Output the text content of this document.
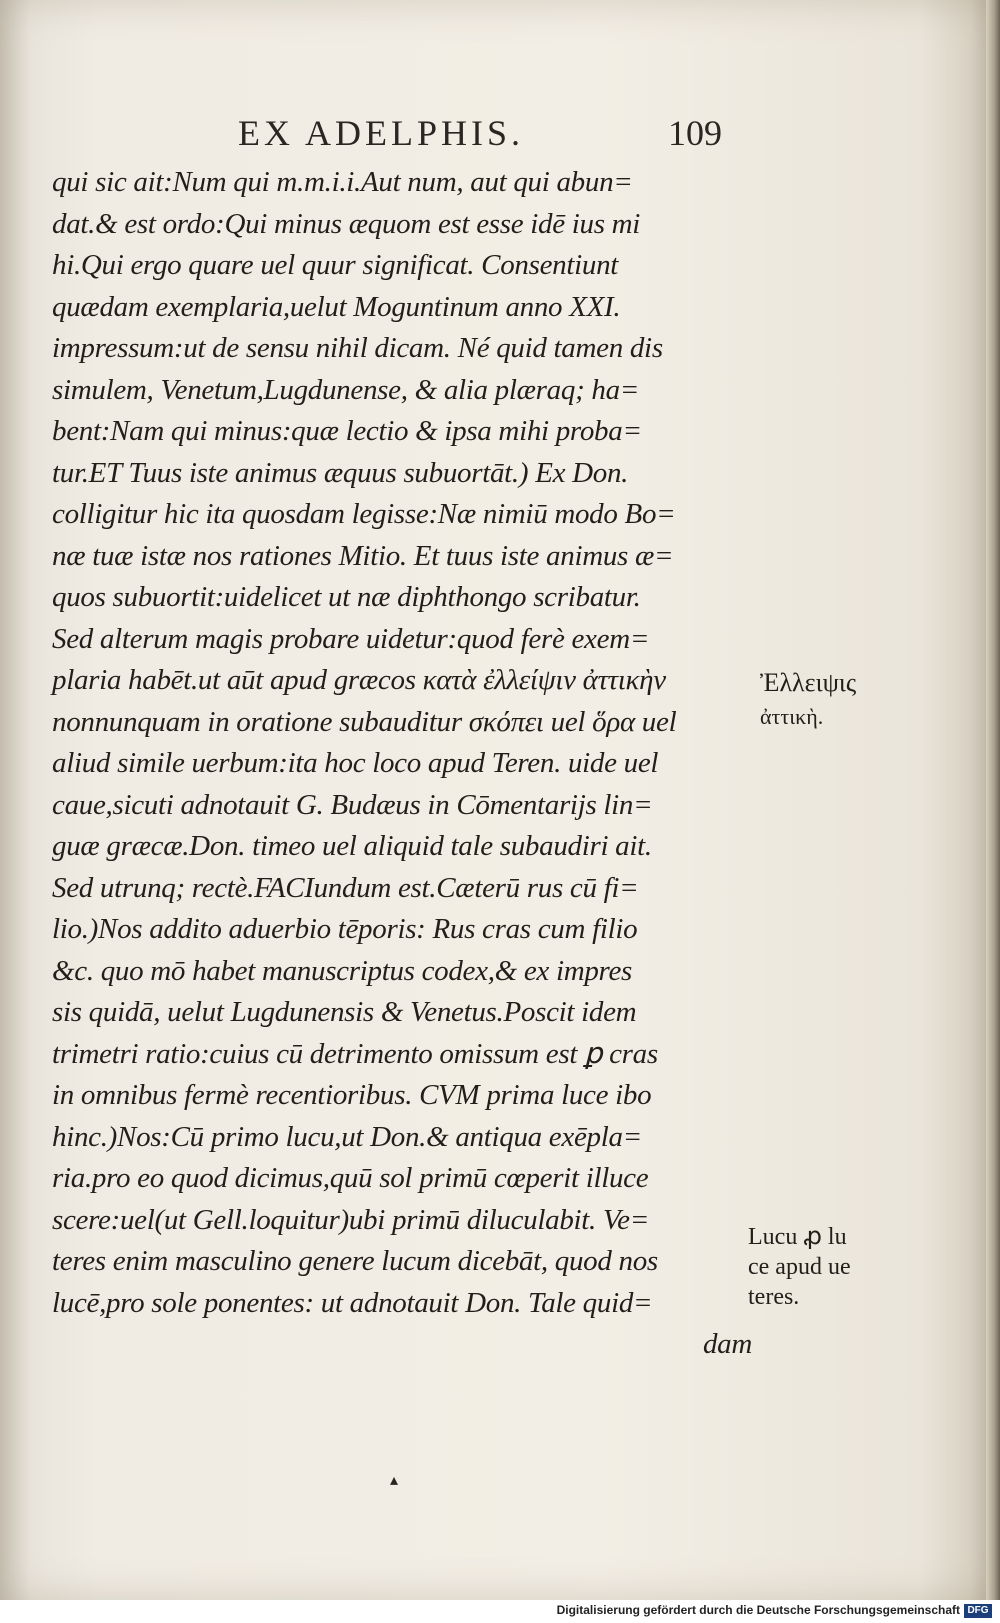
EX ADELPHIS.	109
qui sic ait:Num qui m.m.i.i.Aut num, aut qui abun=
dat.& est ordo:Qui minus æquom est esse idē ius mi
hi.Qui ergo quare uel quur significat. Consentiunt
quædam exemplaria,uelut Moguntinum anno XXI.
impressum:ut de sensu nihil dicam. Né quid tamen dis
simulem, Venetum,Lugdunense, & alia plæraq; ha=
bent:Nam qui minus:quæ lectio & ipsa mihi proba=
tur.ET Tuus iste animus æquus subuortāt.) Ex Don.
colligitur hic ita quosdam legisse:Næ nimiū modo Bo=
næ tuæ istæ nos rationes Mitio. Et tuus iste animus æ=
quos subuortit:uidelicet ut næ diphthongo scribatur.
Sed alterum magis probare uidetur:quod ferè exem=
plaria habēt.ut aūt apud græcos κατὰ ἐλλείψιν ἀττικὴν
nonnunquam in oratione subauditur σκόπει uel ὅρα uel
aliud simile uerbum:ita hoc loco apud Teren. uide uel
caue,sicuti adnotauit G. Budæus in Cōmentarijs lin=
guæ græcæ.Don. timeo uel aliquid tale subaudiri ait.
Sed utrunq; rectè.FACIundum est.Cæterū rus cū fi=
lio.)Nos addito aduerbio tēporis: Rus cras cum filio
&c. quo mō habet manuscriptus codex,& ex impres
sis quidā, uelut Lugdunensis & Venetus.Poscit idem
trimetri ratio:cuius cū detrimento omissum est ꝑ cras
in omnibus fermè recentioribus. CVM prima luce ibo
hinc.)Nos:Cū primo lucu,ut Don.& antiqua exēpla=
ria.pro eo quod dicimus,quū sol primū cœperit illuce
scere:uel(ut Gell.loquitur)ubi primū diluculabit. Ve=
teres enim masculino genere lucum dicebāt, quod nos
lucē,pro sole ponentes: ut adnotauit Don. Tale quid=
dam
Ἐλλειψις
ἀττικὴ.
Lucu ꝓ lu
ce apud ue
teres.
▴
Digitalisierung gefördert durch die Deutsche Forschungsgemeinschaft DFG
